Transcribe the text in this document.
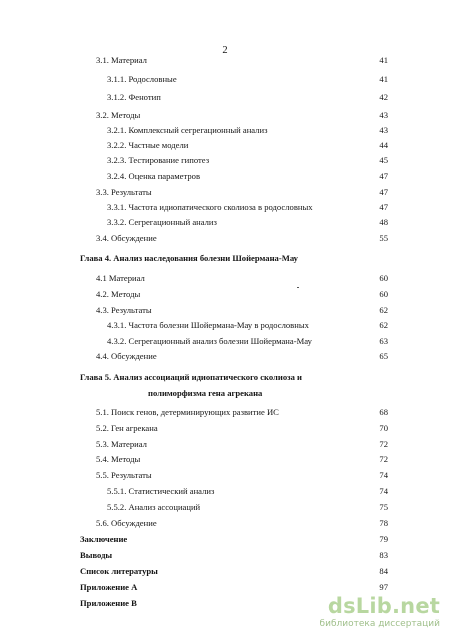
2
3.1. Материал	41
3.1.1. Родословные	41
3.1.2. Фенотип	42
3.2. Методы	43
3.2.1. Комплексный сегрегационный анализ	43
3.2.2. Частные модели	44
3.2.3. Тестирование гипотез	45
3.2.4. Оценка параметров	47
3.3. Результаты	47
3.3.1. Частота идиопатического сколиоза в родословных	47
3.3.2. Сегрегационный анализ	48
3.4. Обсуждение	55
Глава 4. Анализ наследования болезни Шойермана-Мау
4.1 Материал	60
4.2. Методы	60
4.3. Результаты	62
4.3.1. Частота болезни Шойермана-Мау в родословных	62
4.3.2. Сегрегационный анализ болезни Шойермана-Мау	63
4.4. Обсуждение	65
Глава 5. Анализ ассоциаций идиопатического сколиоза и
полиморфизма гена агрекана
5.1. Поиск генов, детерминирующих развитие ИС	68
5.2. Ген агрекана	70
5.3. Материал	72
5.4. Методы	72
5.5. Результаты	74
5.5.1. Статистический анализ	74
5.5.2. Анализ ассоциаций	75
5.6. Обсуждение	78
Заключение	79
Выводы	83
Список литературы	84
Приложение А	97
Приложение В	dsLib.net
библиотека диссертаций
